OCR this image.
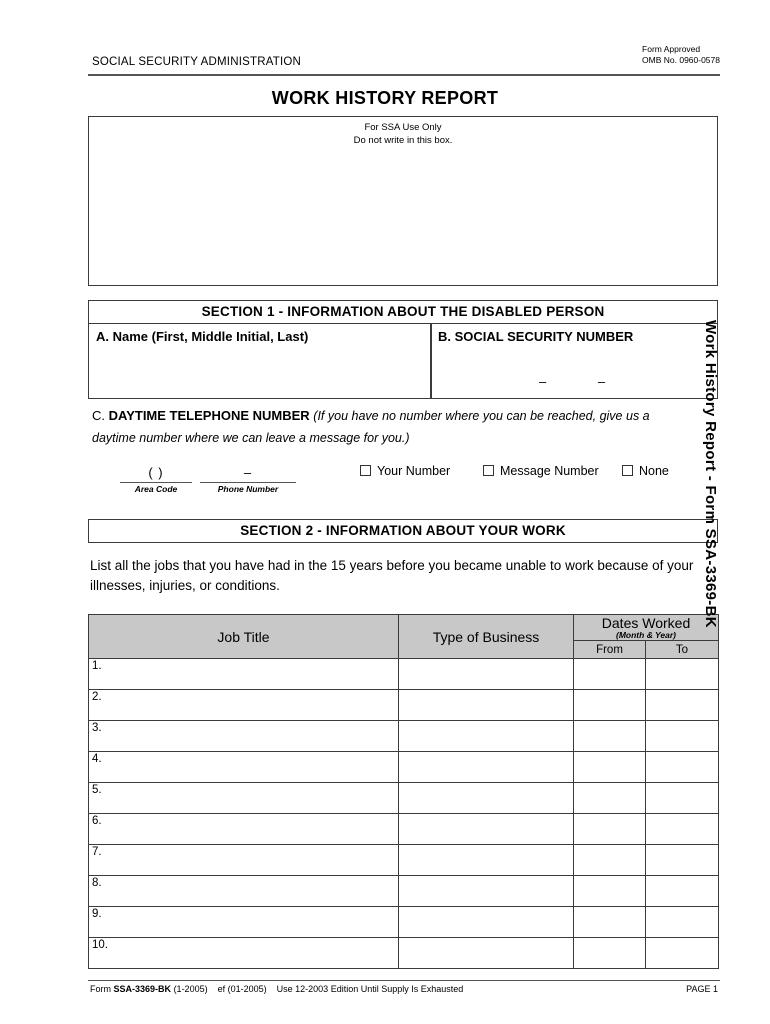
SOCIAL SECURITY ADMINISTRATION
Form Approved
OMB No. 0960-0578
WORK HISTORY REPORT
For SSA Use Only
Do not write in this box.
SECTION 1 - INFORMATION ABOUT THE DISABLED PERSON
A. Name (First, Middle Initial, Last)	B. SOCIAL SECURITY NUMBER
– –
C. DAYTIME TELEPHONE NUMBER (If you have no number where you can be reached, give us a
daytime number where we can leave a message for you.)
( )
Area Code
–
Phone Number
Your Number	Message Number	None
SECTION 2 - INFORMATION ABOUT YOUR WORK
List all the jobs that you have had in the 15 years before you became unable to work because of your illnesses, injuries, or conditions.
Job Title	Type of Business	Dates Worked
(Month & Year)	

		From	To

1.			

2.			

3.			

4.			

5.			

6.			

7.			

8.			

9.			

10.			

Form SSA-3369-BK (1-2005) ef (01-2005) Use 12-2003 Edition Until Supply Is Exhausted	PAGE 1
Work History Report - Form SSA-3369-BK
